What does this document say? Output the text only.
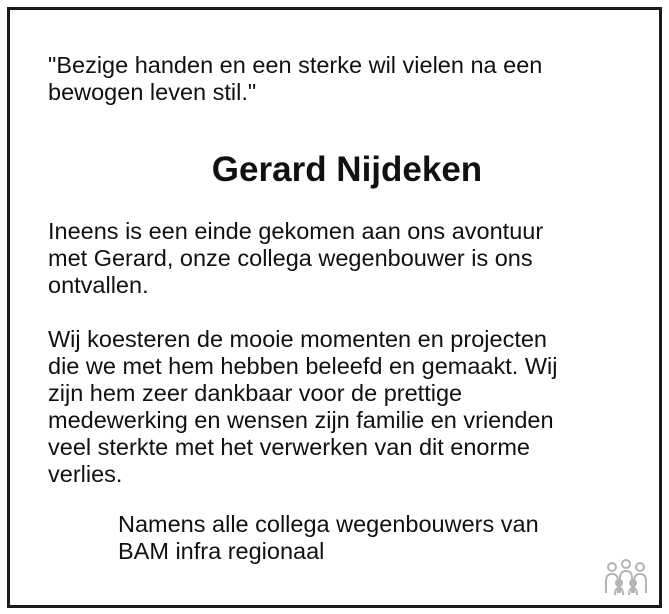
"Bezige handen en een sterke wil vielen na een
bewogen leven stil."

Gerard Nijdeken

Ineens is een einde gekomen aan ons avontuur
met Gerard, onze collega wegenbouwer is ons
ontvallen.

Wij koesteren de mooie momenten en projecten
die we met hem hebben beleefd en gemaakt. Wij
zijn hem zeer dankbaar voor de prettige
medewerking en wensen zijn familie en vrienden
veel sterkte met het verwerken van dit enorme
verlies.

Namens alle collega wegenbouwers van
BAM infra regionaal
